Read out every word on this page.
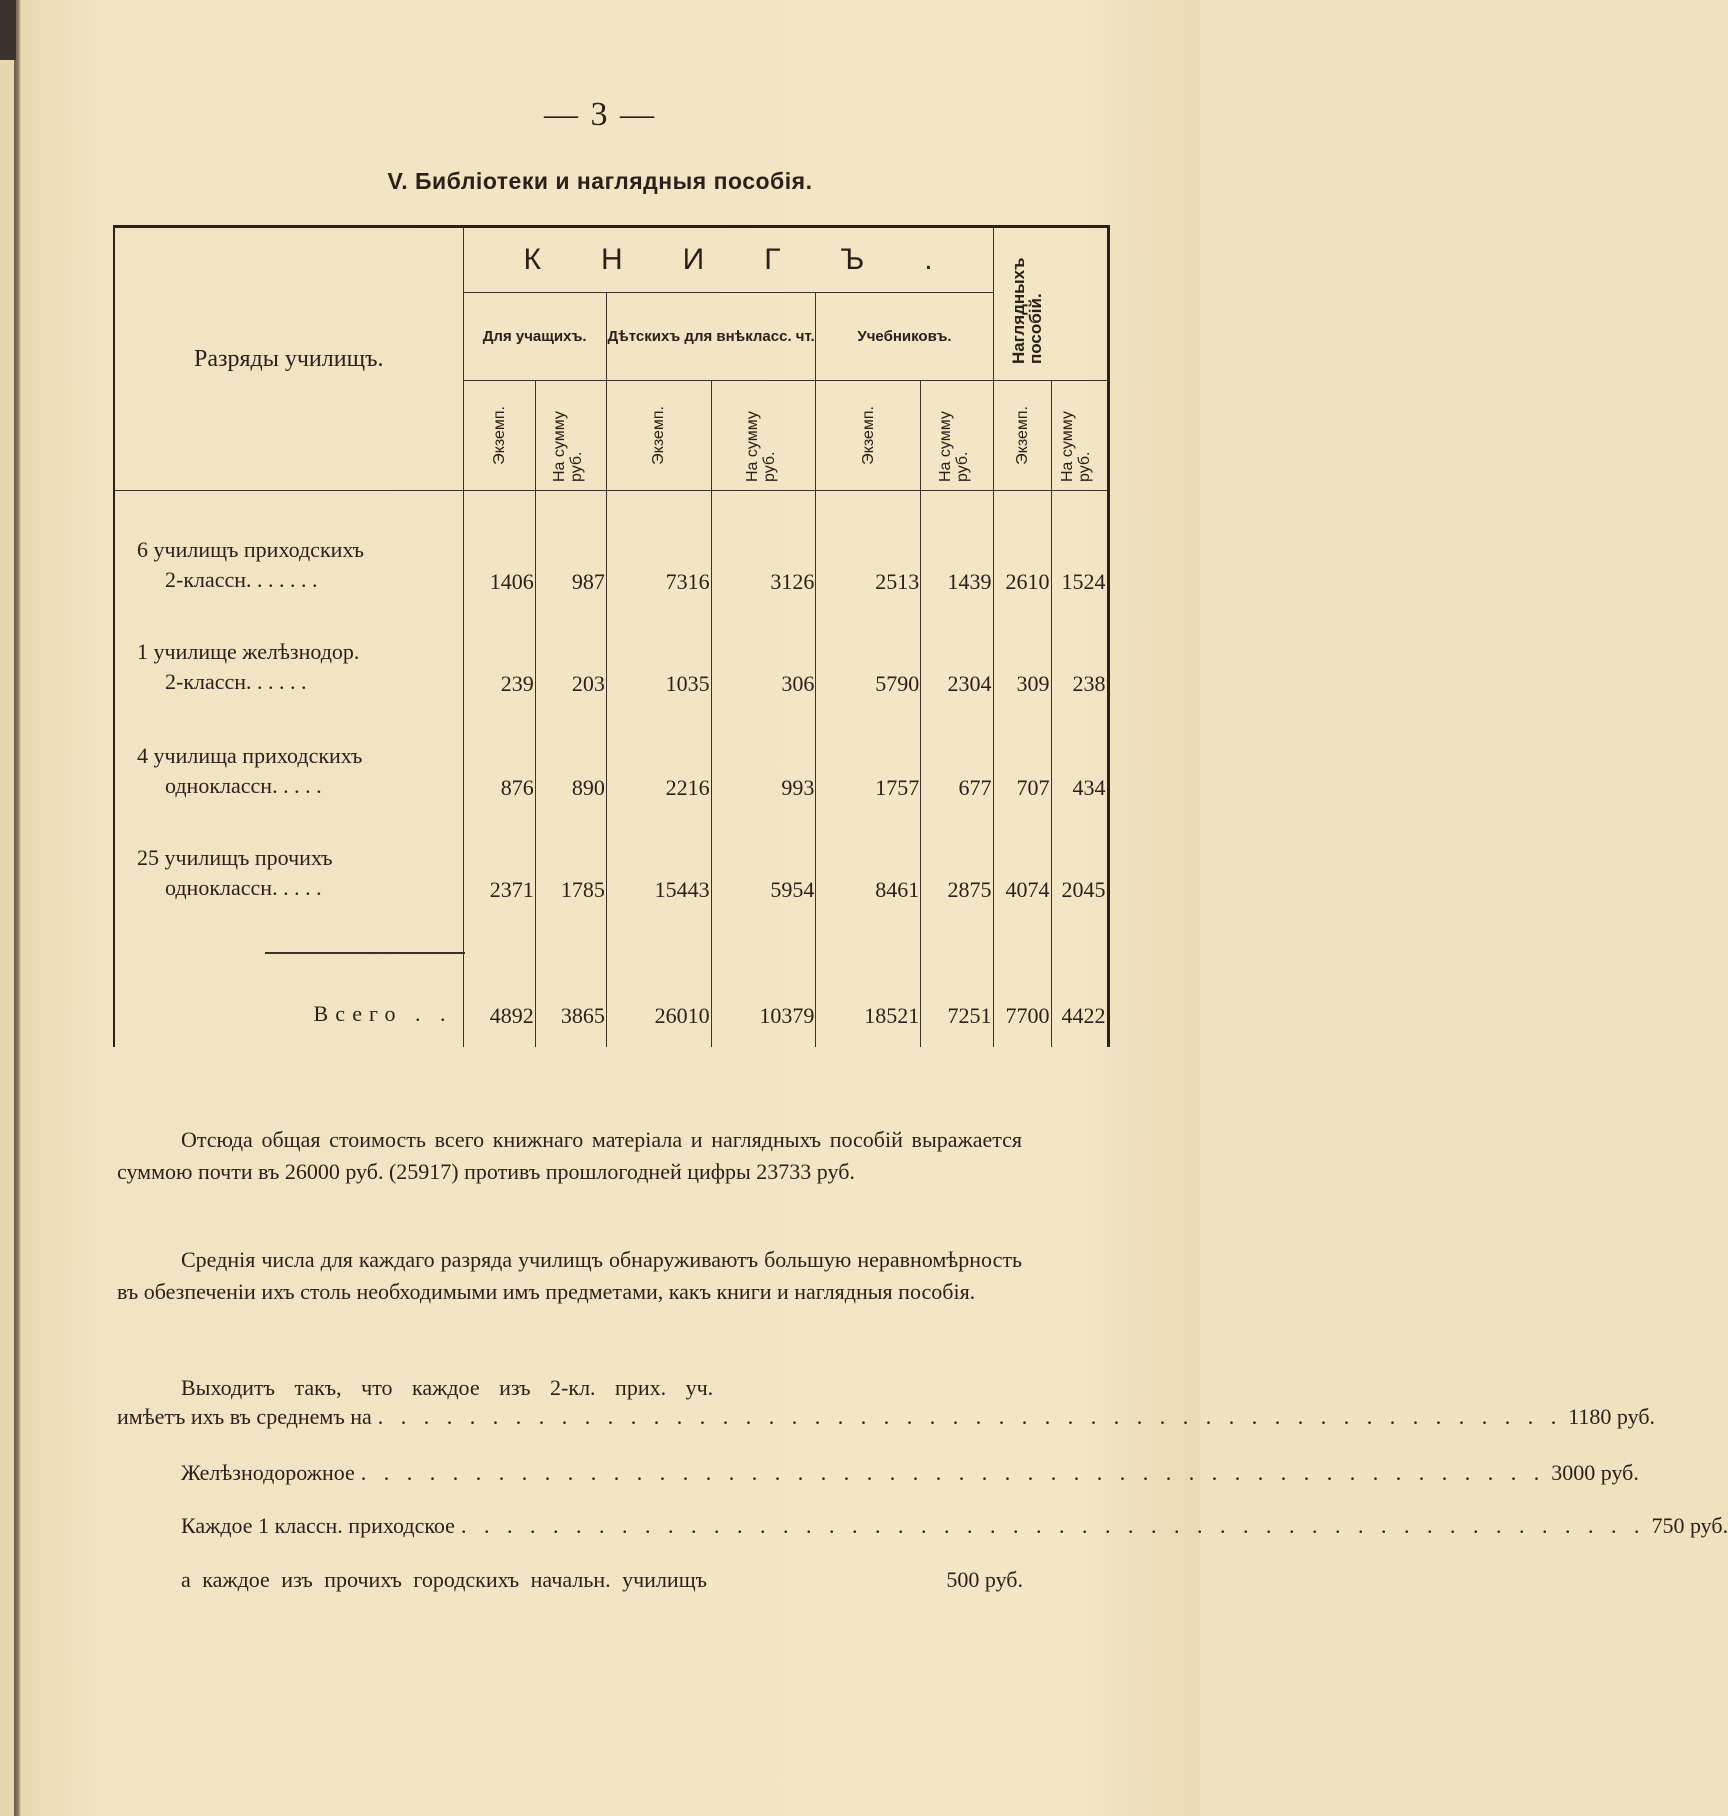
— 3 —
V. Библіотеки и наглядныя пособія.
Разряды училищъ.	КНИГЪ.						Наглядныхъ пособій.	

	Для учащихъ.		Дѣтскихъ для внѣкласс. чт.		Учебниковъ.			

	Экземп.	На сумму руб.	Экземп.	На сумму руб.	Экземп.	На сумму руб.	Экземп.	На сумму руб.

6 училищъ приходскихъ
2-классн. . . . . . .	1406	987	7316	3126	2513	1439	2610	1524
1 училище желѣзнодор.
2-классн. . . . . .	239	203	1035	306	5790	2304	309	238
4 училища приходскихъ
одноклассн. . . . .	876	890	2216	993	1757	677	707	434
25 училищъ прочихъ
одноклассн. . . . .	2371	1785	15443	5954	8461	2875	4074	2045
Всего . .	4892	3865	26010	10379	18521	7251	7700	4422
Отсюда общая стоимость всего книжнаго матеріала и наглядныхъ пособій выражается суммою почти въ 26000 руб. (25917) противъ прошлогодней цифры 23733 руб.
Среднія числа для каждаго разряда училищъ обнаруживаютъ большую неравномѣрность въ обезпеченіи ихъ столь необходимыми имъ предметами, какъ книги и наглядныя пособія.
Выходитъ такъ, что каждое изъ 2-кл. прих. уч.
имѣетъ ихъ въ среднемъ на . . . . . . . . . . . . . . . . . . . . . . . . . . . . . . . . . . . . . . . . . . . . . . . . . . . . 1180 руб.
Желѣзнодорожное . . . . . . . . . . . . . . . . . . . . . . . . . . . . . . . . . . . . . . . . . . . . . . . . . . . . 3000 руб.
Каждое 1 классн. приходское . . . . . . . . . . . . . . . . . . . . . . . . . . . . . . . . . . . . . . . . . . . . . . . . . . . . 750 руб.
а каждое изъ прочихъ городскихъ начальн. училищъ	500 руб.
